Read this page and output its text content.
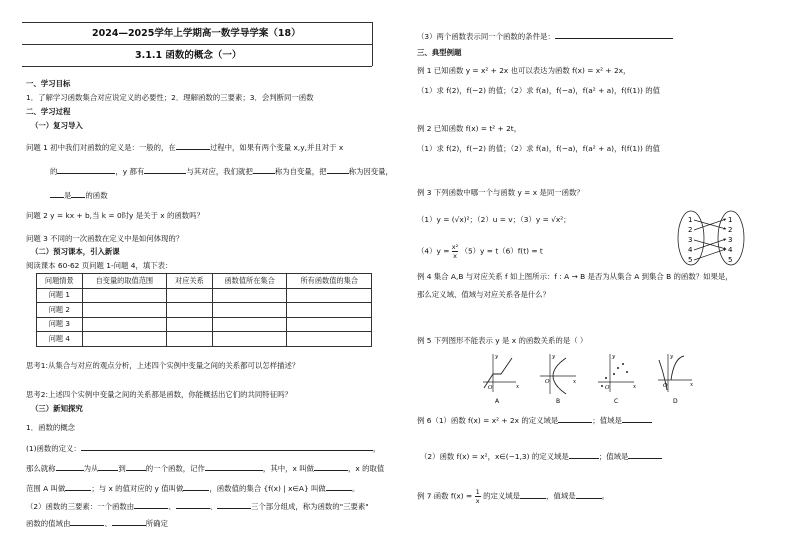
2024—2025学年上学期高一数学导学案（18）
3.1.1 函数的概念（一）
一、学习目标
1．了解学习函数集合对应说定义的必要性；2．理解函数的三要素；3．会判断同一函数
二、学习过程
（一）复习导入
问题 1 初中我们对函数的定义是：一般的，在	过程中，如果有两个变量 x,y,并且对于 x
的	，y 都有	与其对应，我们就把	称为自变量，把	称为因变量，
是 的函数
问题 2 y = kx + b,当 k = 0时y 是关于 x 的函数吗？
问题 3 不同的一次函数在定义中是如何体现的？
（二）预习课本，引入新课
阅读课本 60-62 页问题 1-问题 4，填下表：
问题情景	自变量的取值范围	对应关系	函数值所在集合	所有函数值的集合
问题 1				
问题 2				
问题 3				
问题 4				
思考1:从集合与对应的观点分析，上述四个实例中变量之间的关系都可以怎样描述？
思考2:上述四个实例中变量之间的关系都是函数，你能概括出它们的共同特征吗？
（三）新知探究
1．函数的概念
(1)函数的定义：	，
那么就称	为从	到	的一个函数，记作	，其中，x 叫做	，x 的取值
范围 A 叫做	；与 x 的值对应的 y 值叫做	，函数值的集合 {f(x) | x∈A} 叫做	。
（2）函数的三要素：一个函数由	、	、	三个部分组成，称为函数的"三要素"
函数的值域由	、	所确定
（3）两个函数表示同一个函数的条件是：
三、典型例题
例 1 已知函数 y = x² + 2x 也可以表达为函数 f(x) = x² + 2x，
（1）求 f(2)，f(−2) 的值；（2）求 f(a)，f(−a)，f(a² + a)，f(f(1)) 的值
例 2 已知函数 f(x) = t² + 2t，
（1）求 f(2)，f(−2) 的值；（2）求 f(a)，f(−a)，f(a² + a)，f(f(1)) 的值
例 3 下列函数中哪一个与函数 y = x 是同一函数？
（1）y = (√x)²；（2）u = v；（3）y = √x²；
$(4)y = \frac{\text{x²}}{x} (5)y = t(6)f(t) = t$
1
2
3
4
5
1
2
3
4
5
例 4 集合 A,B 与对应关系 f 如上图所示：f : A → B 是否为从集合 A 到集合 B 的函数？如果是，
那么定义域、值域与对应关系各是什么？
例 5 下列图形不能表示 y 是 x 的函数关系的是（ ）
y
x
O
A
y
x
O
B
y
x
O
C
y
x
O
D
例 6（1）函数 f(x) = x² + 2x 的定义域是	；值域是
（2）函数 f(x) = x²，x∈(−1,3) 的定义域是	；值域是
例 7 函数 $f(x) = \frac{1}{x}$ 的定义域是	，值域是	。
